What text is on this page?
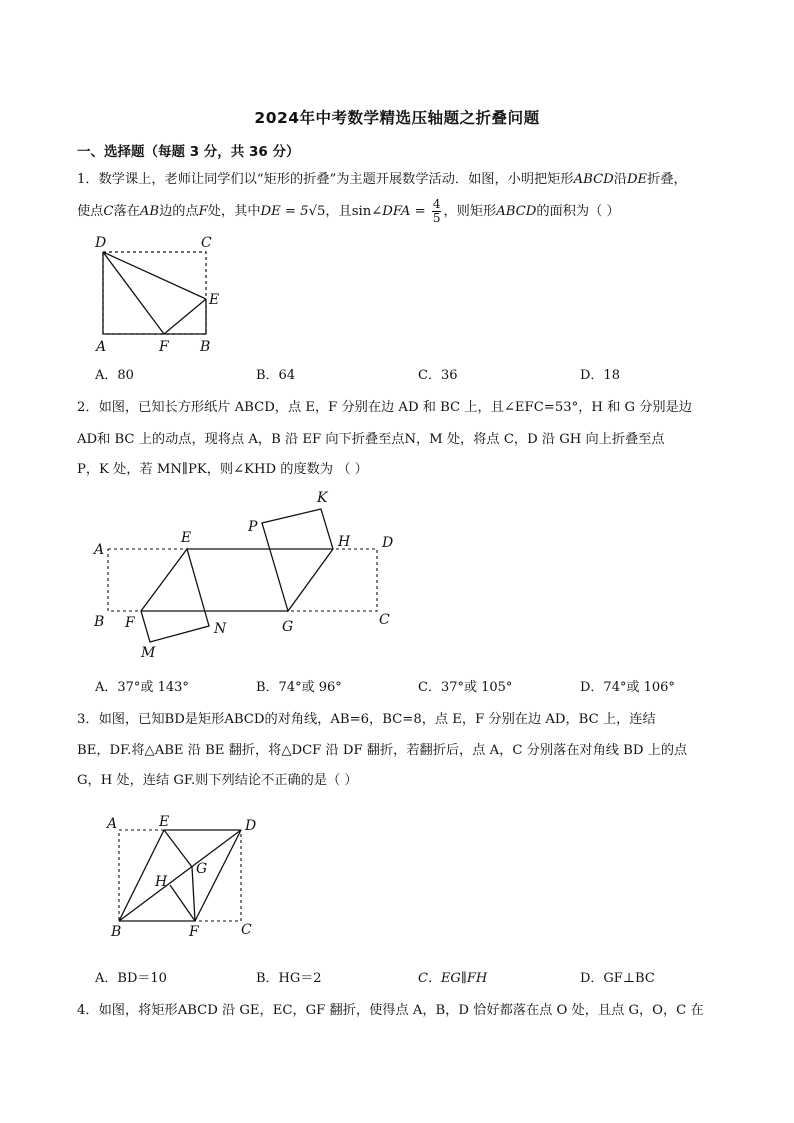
2024年中考数学精选压轴题之折叠问题
一、选择题（每题 3 分，共 36 分）
1．数学课上，老师让同学们以“矩形的折叠”为主题开展数学活动．如图，小明把矩形ABCD沿DE折叠，
使点C落在AB边的点F处，其中DE = 5√5，且sin∠DFA = $\frac{4}{5}$ ，则矩形ABCD的面积为（ ）
D	C
E
A	F B
A．80	B．64	C．36	D．18
2．如图，已知长方形纸片 ABCD，点 E，F 分别在边 AD 和 BC 上，且∠EFC=53°，H 和 G 分别是边
AD和 BC 上的动点，现将点 A，B 沿 EF 向下折叠至点N，M 处，将点 C，D 沿 GH 向上折叠至点
P，K 处，若 MN∥PK，则∠KHD 的度数为 （ ）
A
E
P
K
H D
B F	N	G	C
M
A．37°或 143°	B．74°或 96°	C．37°或 105°	D．74°或 106°
3．如图，已知BD是矩形ABCD的对角线，AB=6，BC=8，点 E，F 分别在边 AD，BC 上，连结
BE，DF.将△ABE 沿 BE 翻折，将△DCF 沿 DF 翻折，若翻折后，点 A，C 分别落在对角线 BD 上的点
G，H 处，连结 GF.则下列结论不正确的是（ ）
A	E	D
H
G
B	F	C
A．BD＝10	B．HG＝2	C．EG∥FH	D．GF⊥BC
4．如图，将矩形ABCD 沿 GE，EC，GF 翻折，使得点 A，B，D 恰好都落在点 O 处，且点 G，O，C 在
